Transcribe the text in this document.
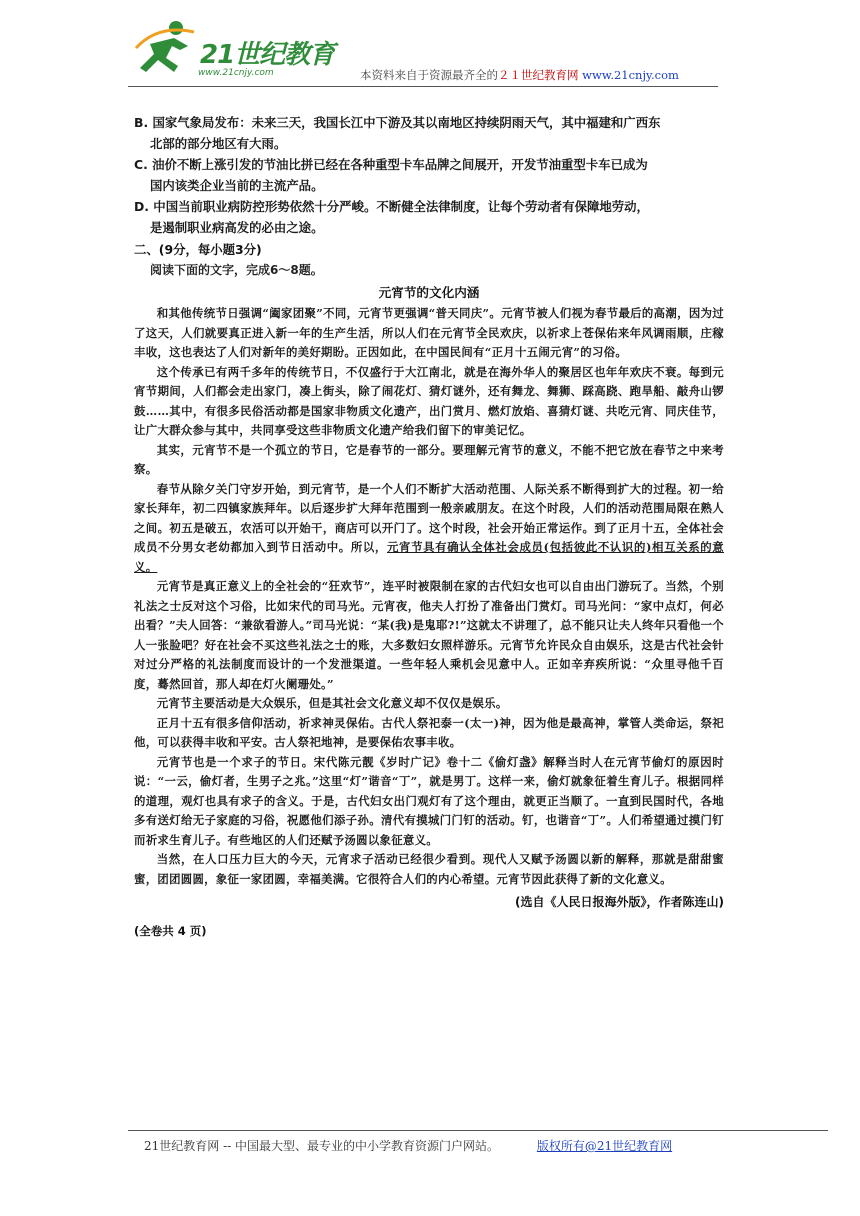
21世纪教育
www.21cnjy.com	本资料来自于资源最齐全的２１世纪教育网 www.21cnjy.com
B. 国家气象局发布：未来三天，我国长江中下游及其以南地区持续阴雨天气，其中福建和广西东
北部的部分地区有大雨。
C. 油价不断上涨引发的节油比拼已经在各种重型卡车品牌之间展开，开发节油重型卡车已成为
国内该类企业当前的主流产品。
D. 中国当前职业病防控形势依然十分严峻。不断健全法律制度，让每个劳动者有保障地劳动，
是遏制职业病高发的必由之途。
二、(9分，每小题3分)
阅读下面的文字，完成6～8题。
元宵节的文化内涵
和其他传统节日强调“阖家团聚”不同，元宵节更强调“普天同庆”。元宵节被人们视为春节最后的高潮，因为过了这天，人们就要真正进入新一年的生产生活，所以人们在元宵节全民欢庆，以祈求上苍保佑来年风调雨顺，庄稼丰收，这也表达了人们对新年的美好期盼。正因如此，在中国民间有“正月十五闹元宵”的习俗。
这个传承已有两千多年的传统节日，不仅盛行于大江南北，就是在海外华人的聚居区也年年欢庆不衰。每到元宵节期间，人们都会走出家门，凑上街头，除了闹花灯、猜灯谜外，还有舞龙、舞狮、踩高跷、跑旱船、敲舟山锣鼓……其中，有很多民俗活动都是国家非物质文化遗产，出门赏月、燃灯放焰、喜猜灯谜、共吃元宵、同庆佳节，让广大群众参与其中，共同享受这些非物质文化遗产给我们留下的审美记忆。
其实，元宵节不是一个孤立的节日，它是春节的一部分。要理解元宵节的意义，不能不把它放在春节之中来考察。
春节从除夕关门守岁开始，到元宵节，是一个人们不断扩大活动范围、人际关系不断得到扩大的过程。初一给家长拜年，初二四镇家族拜年。以后逐步扩大拜年范围到一般亲戚朋友。在这个时段，人们的活动范围局限在熟人之间。初五是破五，农活可以开始干，商店可以开门了。这个时段，社会开始正常运作。到了正月十五，全体社会成员不分男女老幼都加入到节日活动中。所以，元宵节具有确认全体社会成员(包括彼此不认识的)相互关系的意义。
元宵节是真正意义上的全社会的“狂欢节”，连平时被限制在家的古代妇女也可以自由出门游玩了。当然，个别礼法之士反对这个习俗，比如宋代的司马光。元宵夜，他夫人打扮了准备出门赏灯。司马光问：“家中点灯，何必出看？”夫人回答：“兼欲看游人。”司马光说：“某(我)是鬼耶?!”这就太不讲理了，总不能只让夫人终年只看他一个人一张脸吧？好在社会不买这些礼法之士的账，大多数妇女照样游乐。元宵节允许民众自由娱乐，这是古代社会针对过分严格的礼法制度而设计的一个发泄渠道。一些年轻人乘机会见意中人。正如辛弃疾所说：“众里寻他千百度，蓦然回首，那人却在灯火阑珊处。”
元宵节主要活动是大众娱乐，但是其社会文化意义却不仅仅是娱乐。
正月十五有很多信仰活动，祈求神灵保佑。古代人祭祀泰一(太一)神，因为他是最高神，掌管人类命运，祭祀他，可以获得丰收和平安。古人祭祀地神，是要保佑农事丰收。
元宵节也是一个求子的节日。宋代陈元靓《岁时广记》卷十二《偷灯盏》解释当时人在元宵节偷灯的原因时说：“一云，偷灯者，生男子之兆。”这里“灯”谐音“丁”，就是男丁。这样一来，偷灯就象征着生育儿子。根据同样的道理，观灯也具有求子的含义。于是，古代妇女出门观灯有了这个理由，就更正当顺了。一直到民国时代，各地多有送灯给无子家庭的习俗，祝愿他们添子孙。清代有摸城门门钉的活动。钉，也谐音“丁”。人们希望通过摸门钉而祈求生育儿子。有些地区的人们还赋予汤圆以象征意义。
当然，在人口压力巨大的今天，元宵求子活动已经很少看到。现代人又赋予汤圆以新的解释，那就是甜甜蜜蜜，团团圆圆，象征一家团圆，幸福美满。它很符合人们的内心希望。元宵节因此获得了新的文化意义。
(选自《人民日报海外版》，作者陈连山)
(全卷共 4 页)
21世纪教育网 -- 中国最大型、最专业的中小学教育资源门户网站。	版权所有@21世纪教育网
